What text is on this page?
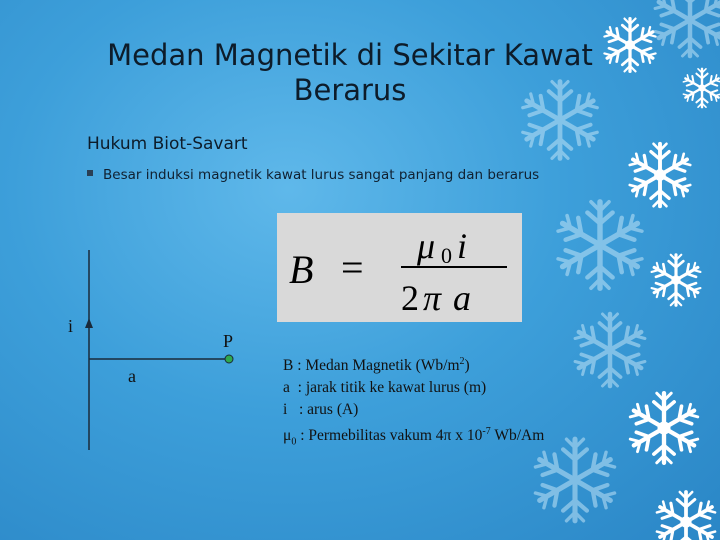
Medan Magnetik di Sekitar Kawat Berarus
Hukum Biot-Savart
Besar induksi magnetik kawat lurus sangat panjang dan berarus
B = μ 0 i
2 π a
i
P
a
B : Medan Magnetik $(Wb/m^2)$
a  : jarak titik ke kawat lurus (m)
i   : arus (A)
$\mu_0$ : Permebilitas vakum 4π x $10^{-7}$ Wb/Am
